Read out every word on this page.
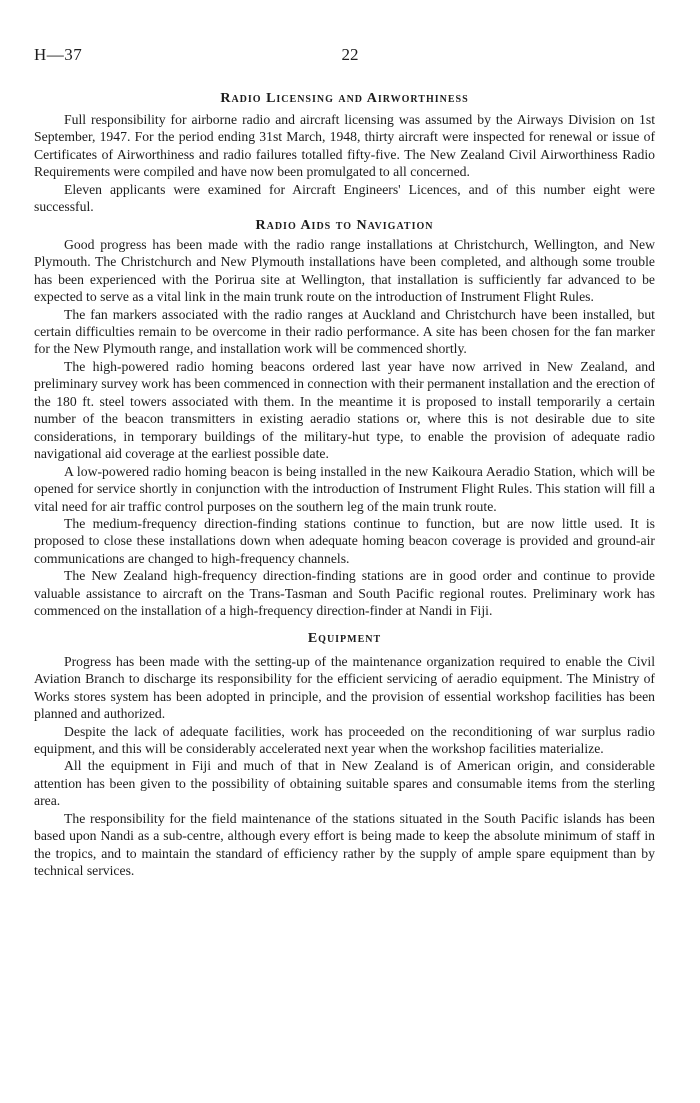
H—37	22
Radio Licensing and Airworthiness

Full responsibility for airborne radio and aircraft licensing was assumed by the Airways Division on 1st September, 1947. For the period ending 31st March, 1948, thirty aircraft were inspected for renewal or issue of Certificates of Airworthiness and radio failures totalled fifty-five. The New Zealand Civil Airworthiness Radio Requirements were compiled and have now been promulgated to all concerned.

Eleven applicants were examined for Aircraft Engineers' Licences, and of this number eight were successful.

Radio Aids to Navigation

Good progress has been made with the radio range installations at Christchurch, Wellington, and New Plymouth. The Christchurch and New Plymouth installations have been completed, and although some trouble has been experienced with the Porirua site at Wellington, that installation is sufficiently far advanced to be expected to serve as a vital link in the main trunk route on the introduction of Instrument Flight Rules.

The fan markers associated with the radio ranges at Auckland and Christchurch have been installed, but certain difficulties remain to be overcome in their radio performance. A site has been chosen for the fan marker for the New Plymouth range, and installation work will be commenced shortly.

The high-powered radio homing beacons ordered last year have now arrived in New Zealand, and preliminary survey work has been commenced in connection with their permanent installation and the erection of the 180 ft. steel towers associated with them. In the meantime it is proposed to install temporarily a certain number of the beacon transmitters in existing aeradio stations or, where this is not desirable due to site considerations, in temporary buildings of the military-hut type, to enable the provision of adequate radio navigational aid coverage at the earliest possible date.

A low-powered radio homing beacon is being installed in the new Kaikoura Aeradio Station, which will be opened for service shortly in conjunction with the introduction of Instrument Flight Rules. This station will fill a vital need for air traffic control purposes on the southern leg of the main trunk route.

The medium-frequency direction-finding stations continue to function, but are now little used. It is proposed to close these installations down when adequate homing beacon coverage is provided and ground-air communications are changed to high-frequency channels.

The New Zealand high-frequency direction-finding stations are in good order and continue to provide valuable assistance to aircraft on the Trans-Tasman and South Pacific regional routes. Preliminary work has commenced on the installation of a high-frequency direction-finder at Nandi in Fiji.

Equipment

Progress has been made with the setting-up of the maintenance organization required to enable the Civil Aviation Branch to discharge its responsibility for the efficient servicing of aeradio equipment. The Ministry of Works stores system has been adopted in principle, and the provision of essential workshop facilities has been planned and authorized.

Despite the lack of adequate facilities, work has proceeded on the reconditioning of war surplus radio equipment, and this will be considerably accelerated next year when the workshop facilities materialize.

All the equipment in Fiji and much of that in New Zealand is of American origin, and considerable attention has been given to the possibility of obtaining suitable spares and consumable items from the sterling area.

The responsibility for the field maintenance of the stations situated in the South Pacific islands has been based upon Nandi as a sub-centre, although every effort is being made to keep the absolute minimum of staff in the tropics, and to maintain the standard of efficiency rather by the supply of ample spare equipment than by technical services.
